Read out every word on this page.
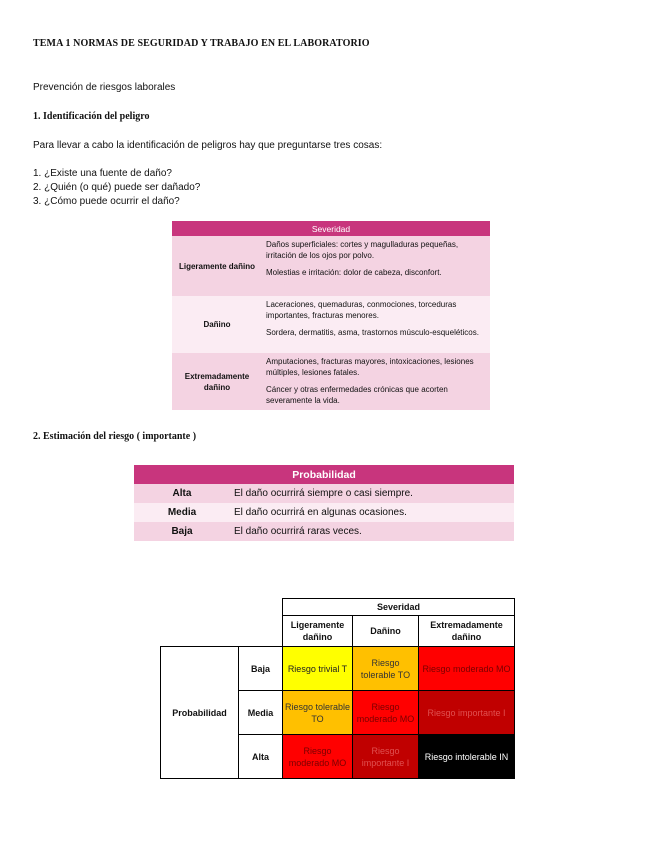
TEMA 1 NORMAS DE SEGURIDAD Y TRABAJO EN EL LABORATORIO
Prevención de riesgos laborales
1. Identificación del peligro
Para llevar a cabo la identificación de peligros hay que preguntarse tres cosas:
1. ¿Existe una fuente de daño?
2. ¿Quién (o qué) puede ser dañado?
3. ¿Cómo puede ocurrir el daño?
Severidad	
Ligeramente dañino	Daños superficiales: cortes y magulladuras pequeñas, irritación de los ojos por polvo.
Molestias e irritación: dolor de cabeza, disconfort.

Dañino	Laceraciones, quemaduras, conmociones, torceduras importantes, fracturas menores.
Sordera, dermatitis, asma, trastornos músculo-esqueléticos.

Extremadamente dañino	Amputaciones, fracturas mayores, intoxicaciones, lesiones múltiples, lesiones fatales.
Cáncer y otras enfermedades crónicas que acorten severamente la vida.
2. Estimación del riesgo ( importante )
Probabilidad	
Alta	El daño ocurrirá siempre o casi siempre.
Media	El daño ocurrirá en algunas ocasiones.
Baja	El daño ocurrirá raras veces.
		Severidad		
		Ligeramente dañino	Dañino	Extremadamente dañino
Probabilidad	Baja	Riesgo trivial T	Riesgo tolerable TO	Riesgo moderado MO
	Media	Riesgo tolerable TO	Riesgo moderado MO	Riesgo importante I
	Alta	Riesgo moderado MO	Riesgo importante I	Riesgo intolerable IN
